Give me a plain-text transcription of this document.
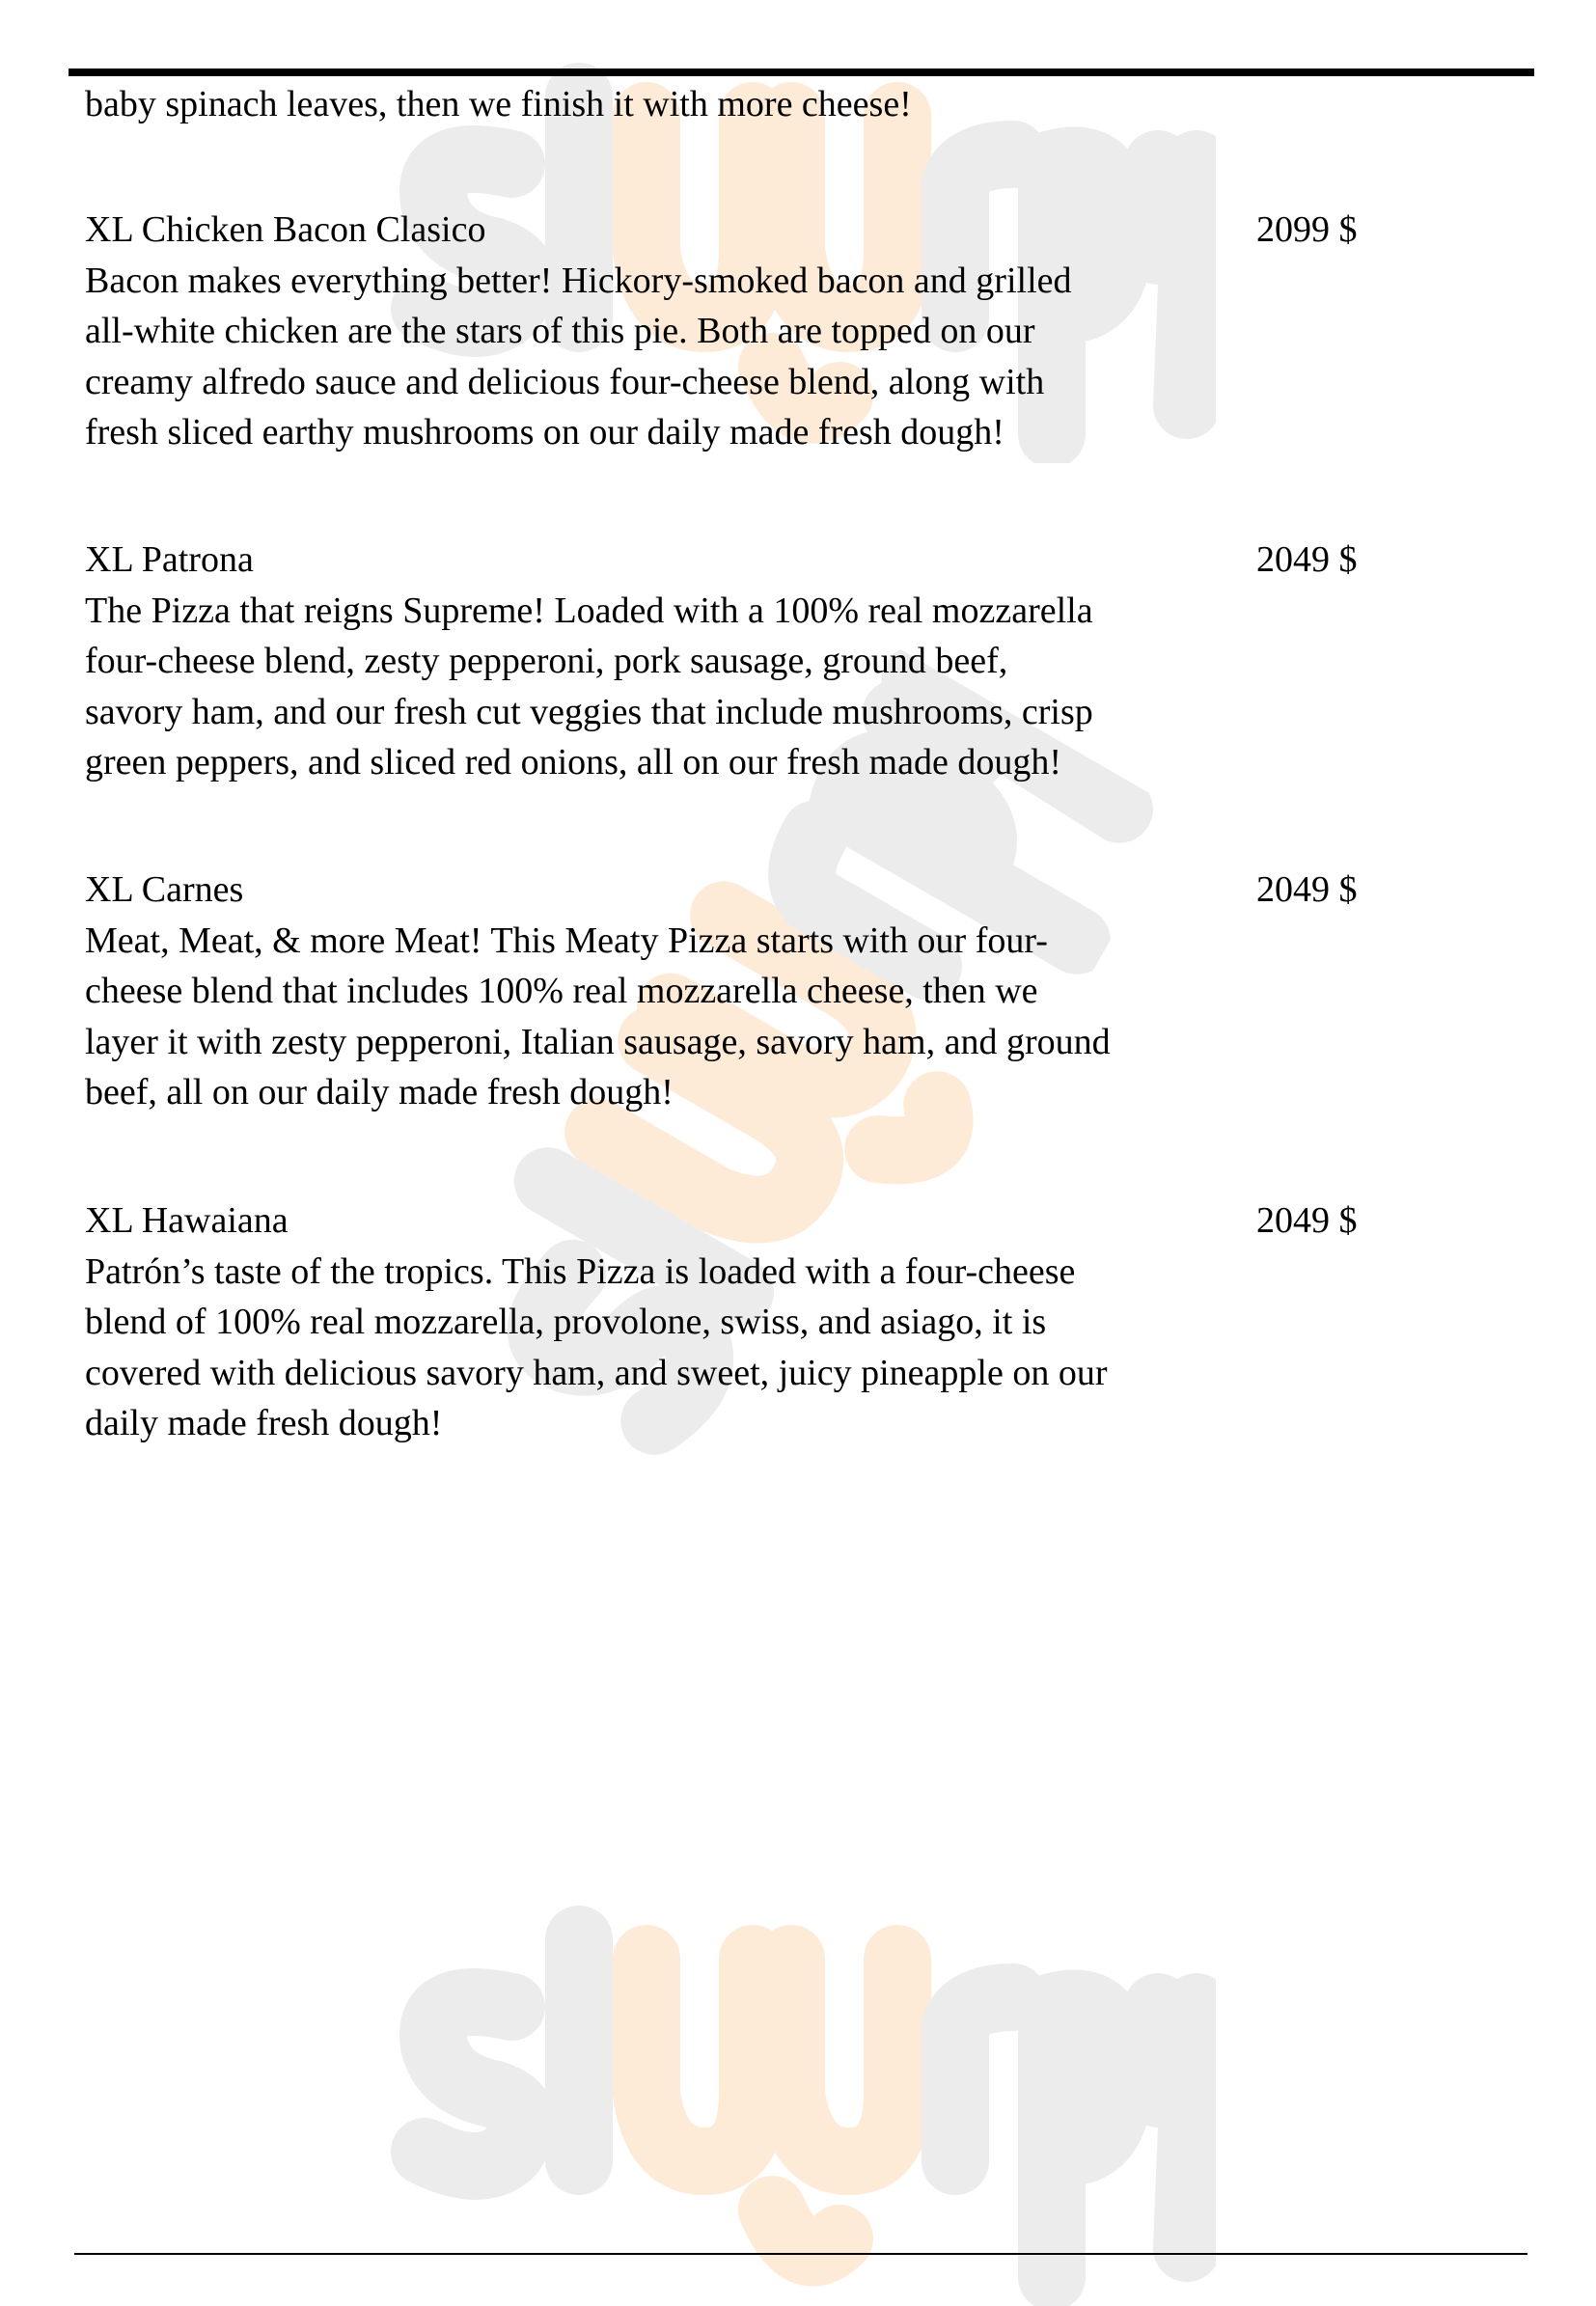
baby spinach leaves, then we finish it with more cheese!
XL Chicken Bacon Clasico	2099 $
Bacon makes everything better! Hickory-smoked bacon and grilled
all-white chicken are the stars of this pie. Both are topped on our
creamy alfredo sauce and delicious four-cheese blend, along with
fresh sliced earthy mushrooms on our daily made fresh dough!
XL Patrona	2049 $
The Pizza that reigns Supreme! Loaded with a 100% real mozzarella
four-cheese blend, zesty pepperoni, pork sausage, ground beef,
savory ham, and our fresh cut veggies that include mushrooms, crisp
green peppers, and sliced red onions, all on our fresh made dough!
XL Carnes	2049 $
Meat, Meat, & more Meat! This Meaty Pizza starts with our four-
cheese blend that includes 100% real mozzarella cheese, then we
layer it with zesty pepperoni, Italian sausage, savory ham, and ground
beef, all on our daily made fresh dough!
XL Hawaiana	2049 $
Patrón’s taste of the tropics. This Pizza is loaded with a four-cheese
blend of 100% real mozzarella, provolone, swiss, and asiago, it is
covered with delicious savory ham, and sweet, juicy pineapple on our
daily made fresh dough!
